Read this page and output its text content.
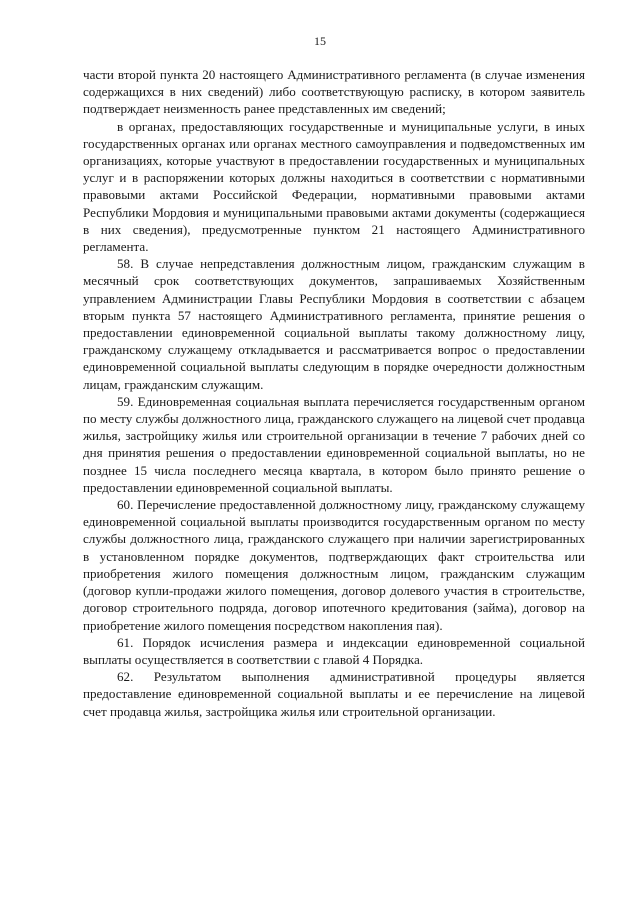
15

части второй пункта 20 настоящего Административного регламента (в случае изменения содержащихся в них сведений) либо соответствующую расписку, в котором заявитель подтверждает неизменность ранее представленных им сведений;

в органах, предоставляющих государственные и муниципальные услуги, в иных государственных органах или органах местного самоуправления и подведомственных им организациях, которые участвуют в предоставлении государственных и муниципальных услуг и в распоряжении которых должны находиться в соответствии с нормативными правовыми актами Российской Федерации, нормативными правовыми актами Республики Мордовия и муниципальными правовыми актами документы (содержащиеся в них сведения), предусмотренные пунктом 21 настоящего Административного регламента.

58. В случае непредставления должностным лицом, гражданским служащим в месячный срок соответствующих документов, запрашиваемых Хозяйственным управлением Администрации Главы Республики Мордовия в соответствии с абзацем вторым пункта 57 настоящего Административного регламента, принятие решения о предоставлении единовременной социальной выплаты такому должностному лицу, гражданскому служащему откладывается и рассматривается вопрос о предоставлении единовременной социальной выплаты следующим в порядке очередности должностным лицам, гражданским служащим.

59. Единовременная социальная выплата перечисляется государственным органом по месту службы должностного лица, гражданского служащего на лицевой счет продавца жилья, застройщику жилья или строительной организации в течение 7 рабочих дней со дня принятия решения о предоставлении единовременной социальной выплаты, но не позднее 15 числа последнего месяца квартала, в котором было принято решение о предоставлении единовременной социальной выплаты.

60. Перечисление предоставленной должностному лицу, гражданскому служащему единовременной социальной выплаты производится государственным органом по месту службы должностного лица, гражданского служащего при наличии зарегистрированных в установленном порядке документов, подтверждающих факт строительства или приобретения жилого помещения должностным лицом, гражданским служащим (договор купли-продажи жилого помещения, договор долевого участия в строительстве, договор строительного подряда, договор ипотечного кредитования (займа), договор на приобретение жилого помещения посредством накопления пая).

61. Порядок исчисления размера и индексации единовременной социальной выплаты осуществляется в соответствии с главой 4 Порядка.

62. Результатом выполнения административной процедуры является предоставление единовременной социальной выплаты и ее перечисление на лицевой счет продавца жилья, застройщика жилья или строительной организации.
